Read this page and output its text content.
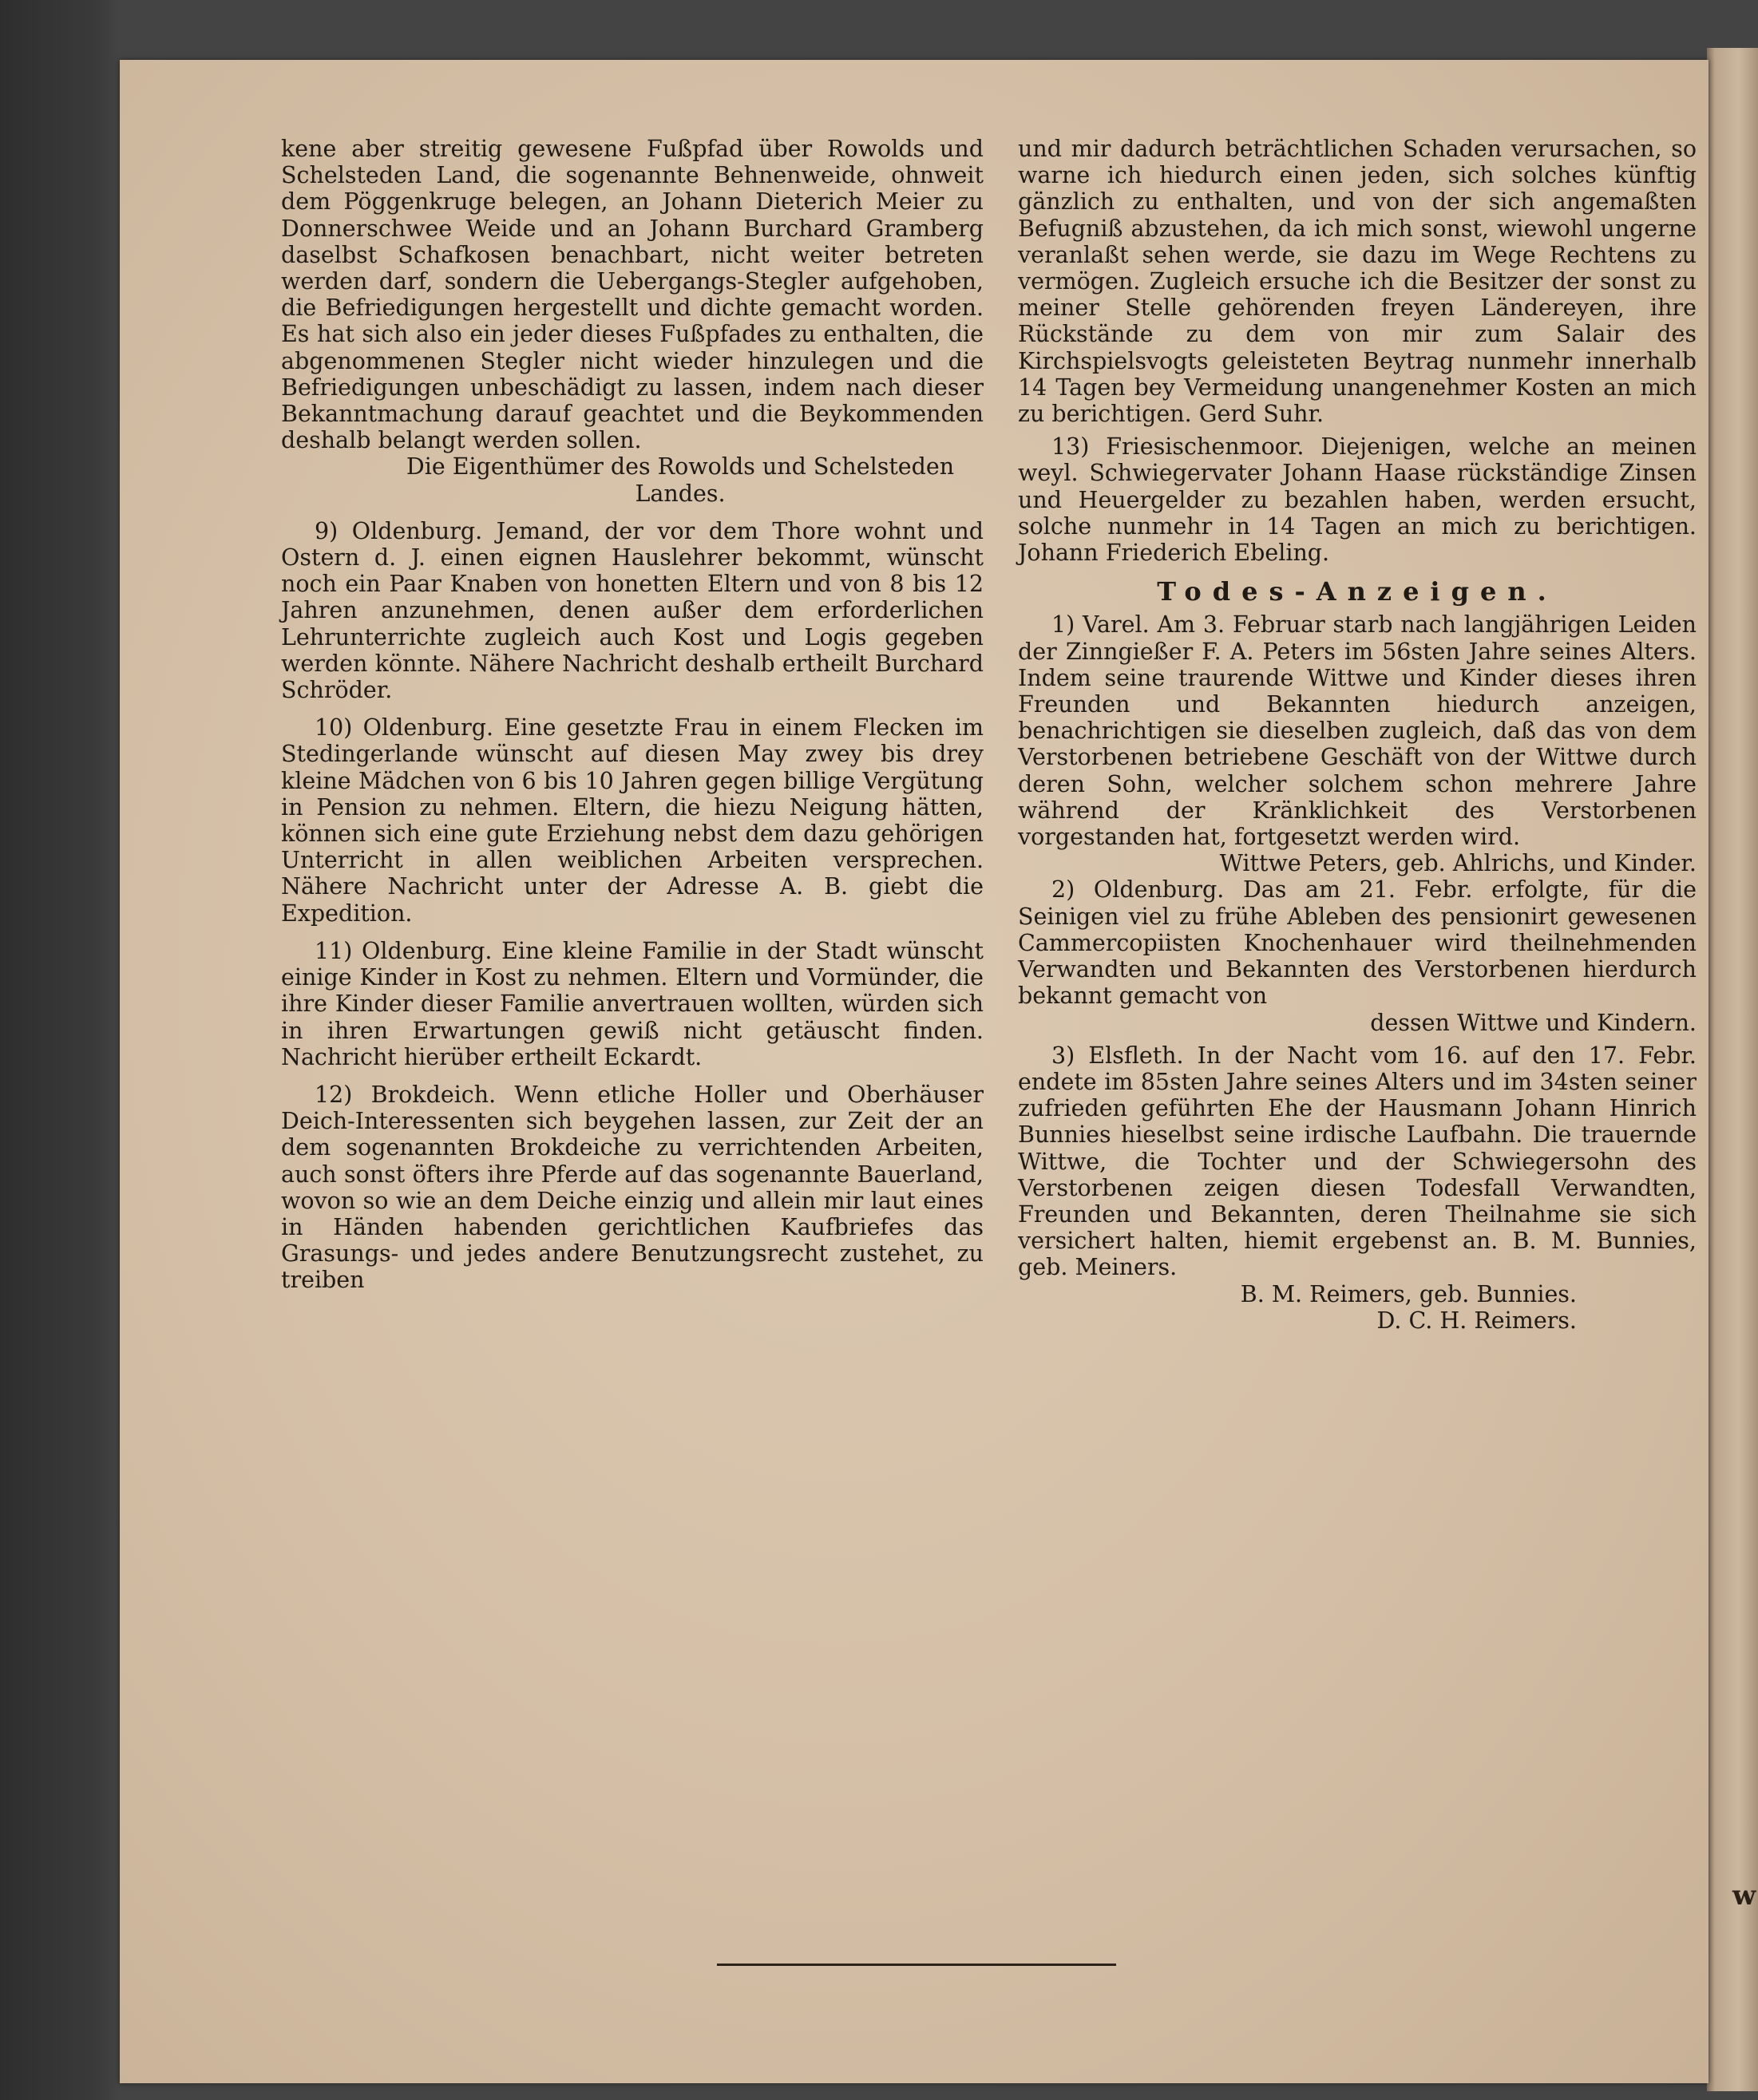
w

kene aber streitig gewesene Fußpfad über Rowolds und Schelsteden Land, die sogenannte Behnenweide, ohnweit dem Pöggenkruge belegen, an Johann Dieterich Meier zu Donnerschwee Weide und an Johann Burchard Gramberg daselbst Schafkosen benachbart, nicht weiter betreten werden darf, sondern die Uebergangs-Stegler aufgehoben, die Befriedigungen hergestellt und dichte gemacht worden. Es hat sich also ein jeder dieses Fußpfades zu enthalten, die abgenommenen Stegler nicht wieder hinzulegen und die Befriedigungen unbeschädigt zu lassen, indem nach dieser Bekanntmachung darauf geachtet und die Beykommenden deshalb belangt werden sollen.

Die Eigenthümer des Rowolds und Schelsteden Landes.

9) Oldenburg. Jemand, der vor dem Thore wohnt und Ostern d. J. einen eignen Hauslehrer bekommt, wünscht noch ein Paar Knaben von honetten Eltern und von 8 bis 12 Jahren anzunehmen, denen außer dem erforderlichen Lehrunterrichte zugleich auch Kost und Logis gegeben werden könnte. Nähere Nachricht deshalb ertheilt Burchard Schröder.

10) Oldenburg. Eine gesetzte Frau in einem Flecken im Stedingerlande wünscht auf diesen May zwey bis drey kleine Mädchen von 6 bis 10 Jahren gegen billige Vergütung in Pension zu nehmen. Eltern, die hiezu Neigung hätten, können sich eine gute Erziehung nebst dem dazu gehörigen Unterricht in allen weiblichen Arbeiten versprechen. Nähere Nachricht unter der Adresse A. B. giebt die Expedition.

11) Oldenburg. Eine kleine Familie in der Stadt wünscht einige Kinder in Kost zu nehmen. Eltern und Vormünder, die ihre Kinder dieser Familie anvertrauen wollten, würden sich in ihren Erwartungen gewiß nicht getäuscht finden. Nachricht hierüber ertheilt Eckardt.

12) Brokdeich. Wenn etliche Holler und Oberhäuser Deich-Interessenten sich beygehen lassen, zur Zeit der an dem sogenannten Brokdeiche zu verrichtenden Arbeiten, auch sonst öfters ihre Pferde auf das sogenannte Bauerland, wovon so wie an dem Deiche einzig und allein mir laut eines in Händen habenden gerichtlichen Kaufbriefes das Grasungs- und jedes andere Benutzungsrecht zustehet, zu treiben

und mir dadurch beträchtlichen Schaden verursachen, so warne ich hiedurch einen jeden, sich solches künftig gänzlich zu enthalten, und von der sich angemaßten Befugniß abzustehen, da ich mich sonst, wiewohl ungerne veranlaßt sehen werde, sie dazu im Wege Rechtens zu vermögen. Zugleich ersuche ich die Besitzer der sonst zu meiner Stelle gehörenden freyen Ländereyen, ihre Rückstände zu dem von mir zum Salair des Kirchspielsvogts geleisteten Beytrag nunmehr innerhalb 14 Tagen bey Vermeidung unangenehmer Kosten an mich zu berichtigen. Gerd Suhr.

13) Friesischenmoor. Diejenigen, welche an meinen weyl. Schwiegervater Johann Haase rückständige Zinsen und Heuergelder zu bezahlen haben, werden ersucht, solche nunmehr in 14 Tagen an mich zu berichtigen. Johann Friederich Ebeling.

Todes-Anzeigen.

1) Varel. Am 3. Februar starb nach langjährigen Leiden der Zinngießer F. A. Peters im 56sten Jahre seines Alters. Indem seine traurende Wittwe und Kinder dieses ihren Freunden und Bekannten hiedurch anzeigen, benachrichtigen sie dieselben zugleich, daß das von dem Verstorbenen betriebene Geschäft von der Wittwe durch deren Sohn, welcher solchem schon mehrere Jahre während der Kränklichkeit des Verstorbenen vorgestanden hat, fortgesetzt werden wird.

Wittwe Peters, geb. Ahlrichs, und Kinder.

2) Oldenburg. Das am 21. Febr. erfolgte, für die Seinigen viel zu frühe Ableben des pensionirt gewesenen Cammercopiisten Knochenhauer wird theilnehmenden Verwandten und Bekannten des Verstorbenen hierdurch bekannt gemacht von

dessen Wittwe und Kindern.

3) Elsfleth. In der Nacht vom 16. auf den 17. Febr. endete im 85sten Jahre seines Alters und im 34sten seiner zufrieden geführten Ehe der Hausmann Johann Hinrich Bunnies hieselbst seine irdische Laufbahn. Die trauernde Wittwe, die Tochter und der Schwiegersohn des Verstorbenen zeigen diesen Todesfall Verwandten, Freunden und Bekannten, deren Theilnahme sie sich versichert halten, hiemit ergebenst an. B. M. Bunnies, geb. Meiners.

B. M. Reimers, geb. Bunnies.

D. C. H. Reimers.
